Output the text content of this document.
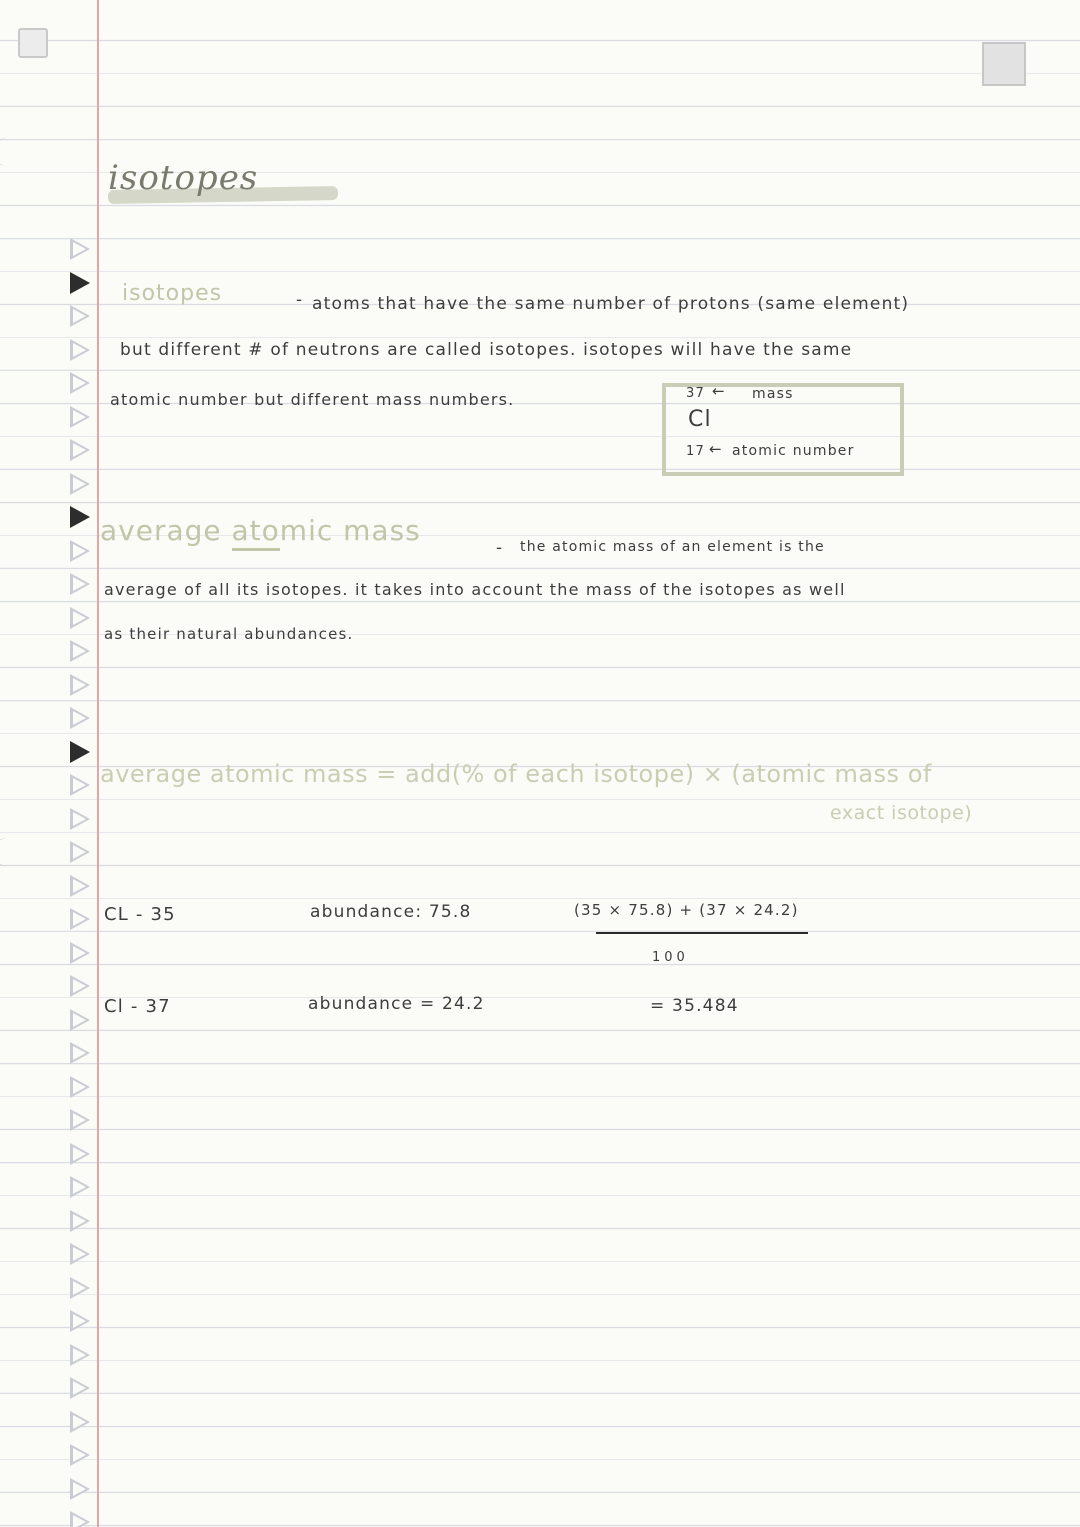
isotopes
isotopes	- atoms that have the same number of protons (same element)
but different # of neutrons are called isotopes. isotopes will have the same
atomic number but different mass numbers.	37 ← mass
Cl
17 ← atomic number
average atomic mass
- the atomic mass of an element is the
average of all its isotopes. it takes into account the mass of the isotopes as well
as their natural abundances.
average atomic mass = add(% of each isotope) × (atomic mass of
exact isotope)
CL - 35	abundance: 75.8
Cl - 37	abundance = 24.2
(35 × 75.8) + (37 × 24.2)
100
= 35.484
